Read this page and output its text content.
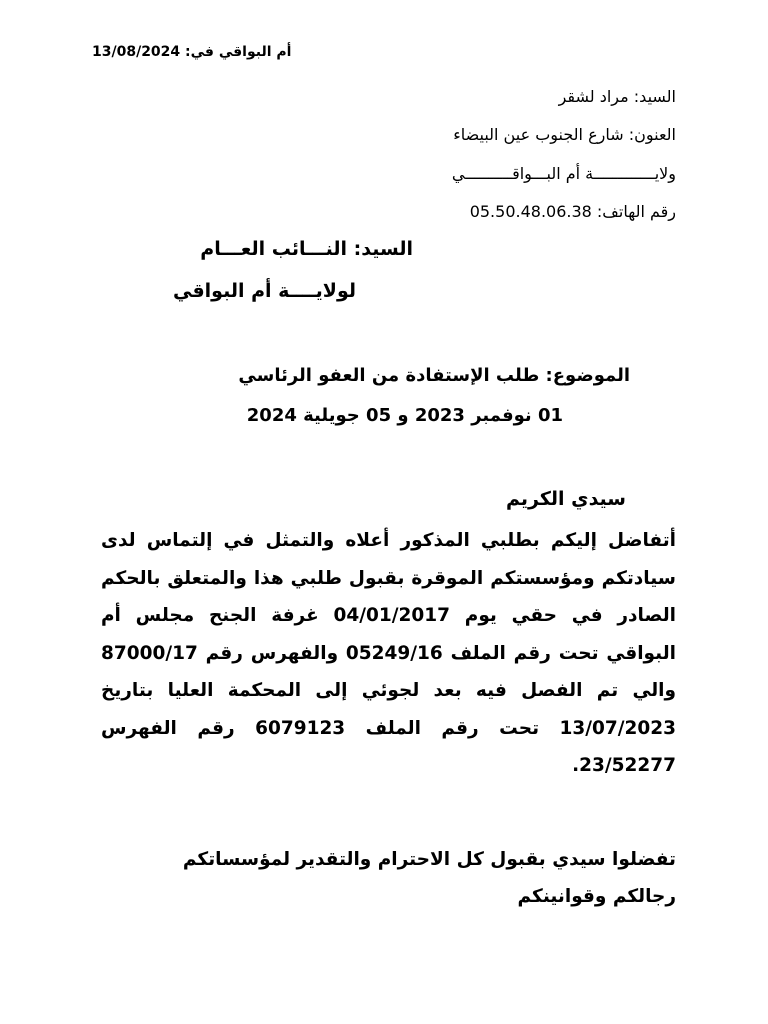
أم البواقي في: 13/08/2024
السيد: مراد لشقر
العنون: شارع الجنوب عين البيضاء
ولايـــــــــــــة أم البـــواقــــــــــي
رقم الهاتف: 05.50.48.06.38
السيد: النـــائب العـــام
لولايــــة أم البواقي
الموضوع: طلب الإستفادة من العفو الرئاسي
01 نوفمبر 2023 و 05 جويلية 2024
سيدي الكريم
أتفاضل إليكم بطلبي المذكور أعلاه والتمثل في إلتماس لدى سيادتكم ومؤسستكم الموقرة بقبول طلبي هذا والمتعلق بالحكم الصادر في حقي يوم 04/01/2017 غرفة الجنح مجلس أم البواقي تحت رقم الملف 05249/16 والفهرس رقم 87000/17 والي تم الفصل فيه بعد لجوئي إلى المحكمة العليا بتاريخ 13/07/2023 تحت رقم الملف 6079123 رقم الفهرس 23/52277.
تفضلوا سيدي بقبول كل الاحترام والتقدير لمؤسساتكم رجالكم وقوانينكم
